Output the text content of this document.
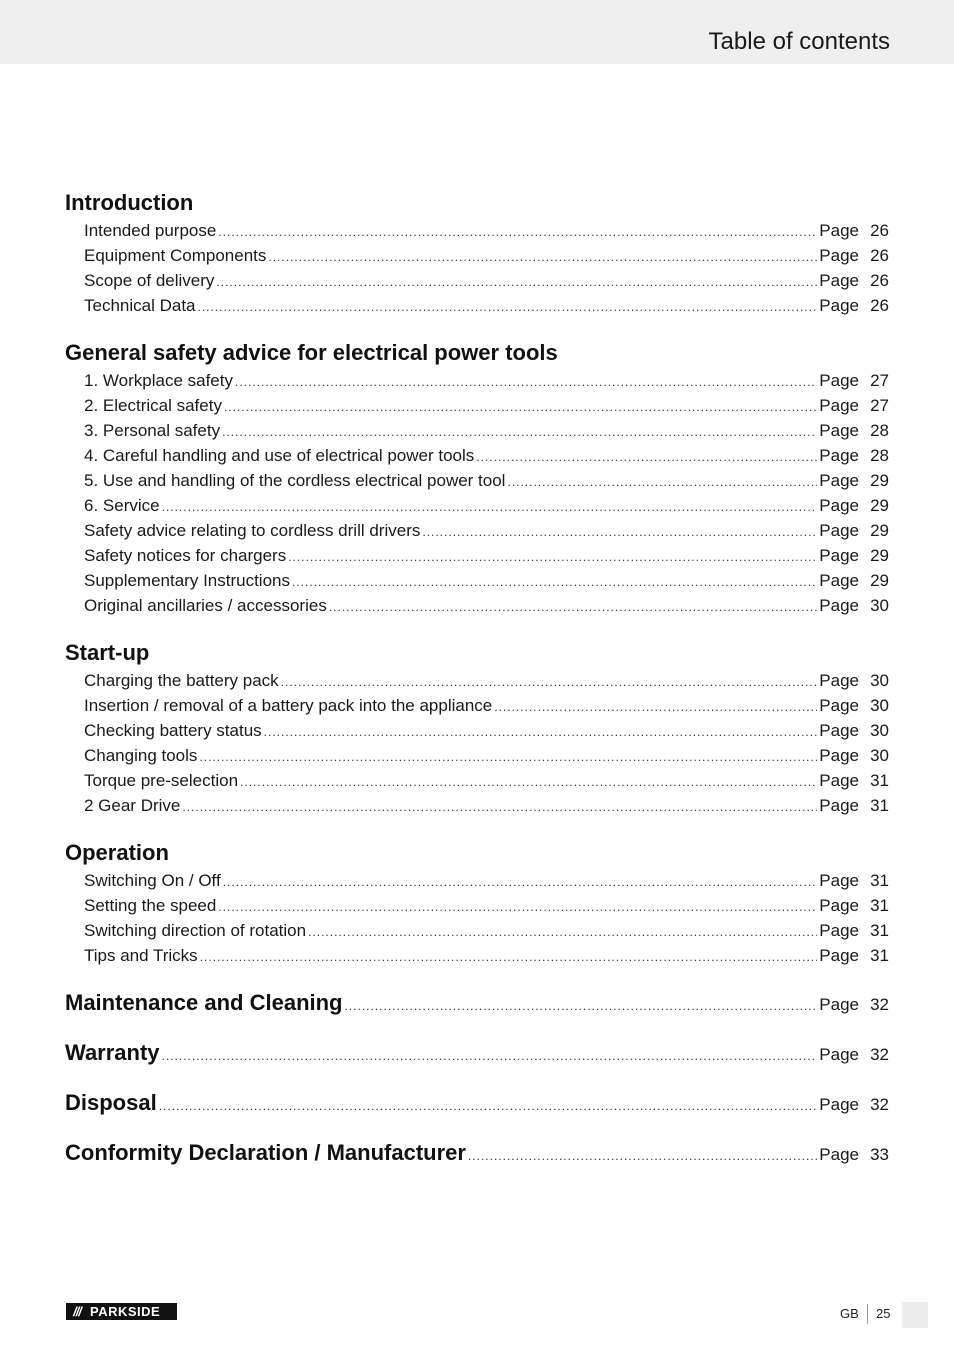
Table of contents
Introduction
Intended purpose .....	Page 26
Equipment Components .....	Page 26
Scope of delivery .....	Page 26
Technical Data .....	Page 26
General safety advice for electrical power tools
1. Workplace safety .....	Page 27
2. Electrical safety .....	Page 27
3. Personal safety .....	Page 28
4. Careful handling and use of electrical power tools .....	Page 28
5. Use and handling of the cordless electrical power tool .....	Page 29
6. Service .....	Page 29
Safety advice relating to cordless drill drivers .....	Page 29
Safety notices for chargers .....	Page 29
Supplementary Instructions .....	Page 29
Original ancillaries / accessories .....	Page 30
Start-up
Charging the battery pack .....	Page 30
Insertion / removal of a battery pack into the appliance .....	Page 30
Checking battery status .....	Page 30
Changing tools .....	Page 30
Torque pre-selection .....	Page 31
2 Gear Drive .....	Page 31
Operation
Switching On / Off .....	Page 31
Setting the speed .....	Page 31
Switching direction of rotation .....	Page 31
Tips and Tricks .....	Page 31
Maintenance and Cleaning .....	Page 32
Warranty .....	Page 32
Disposal .....	Page 32
Conformity Declaration / Manufacturer .....	Page 33
/// PARKSIDE	GB 25
